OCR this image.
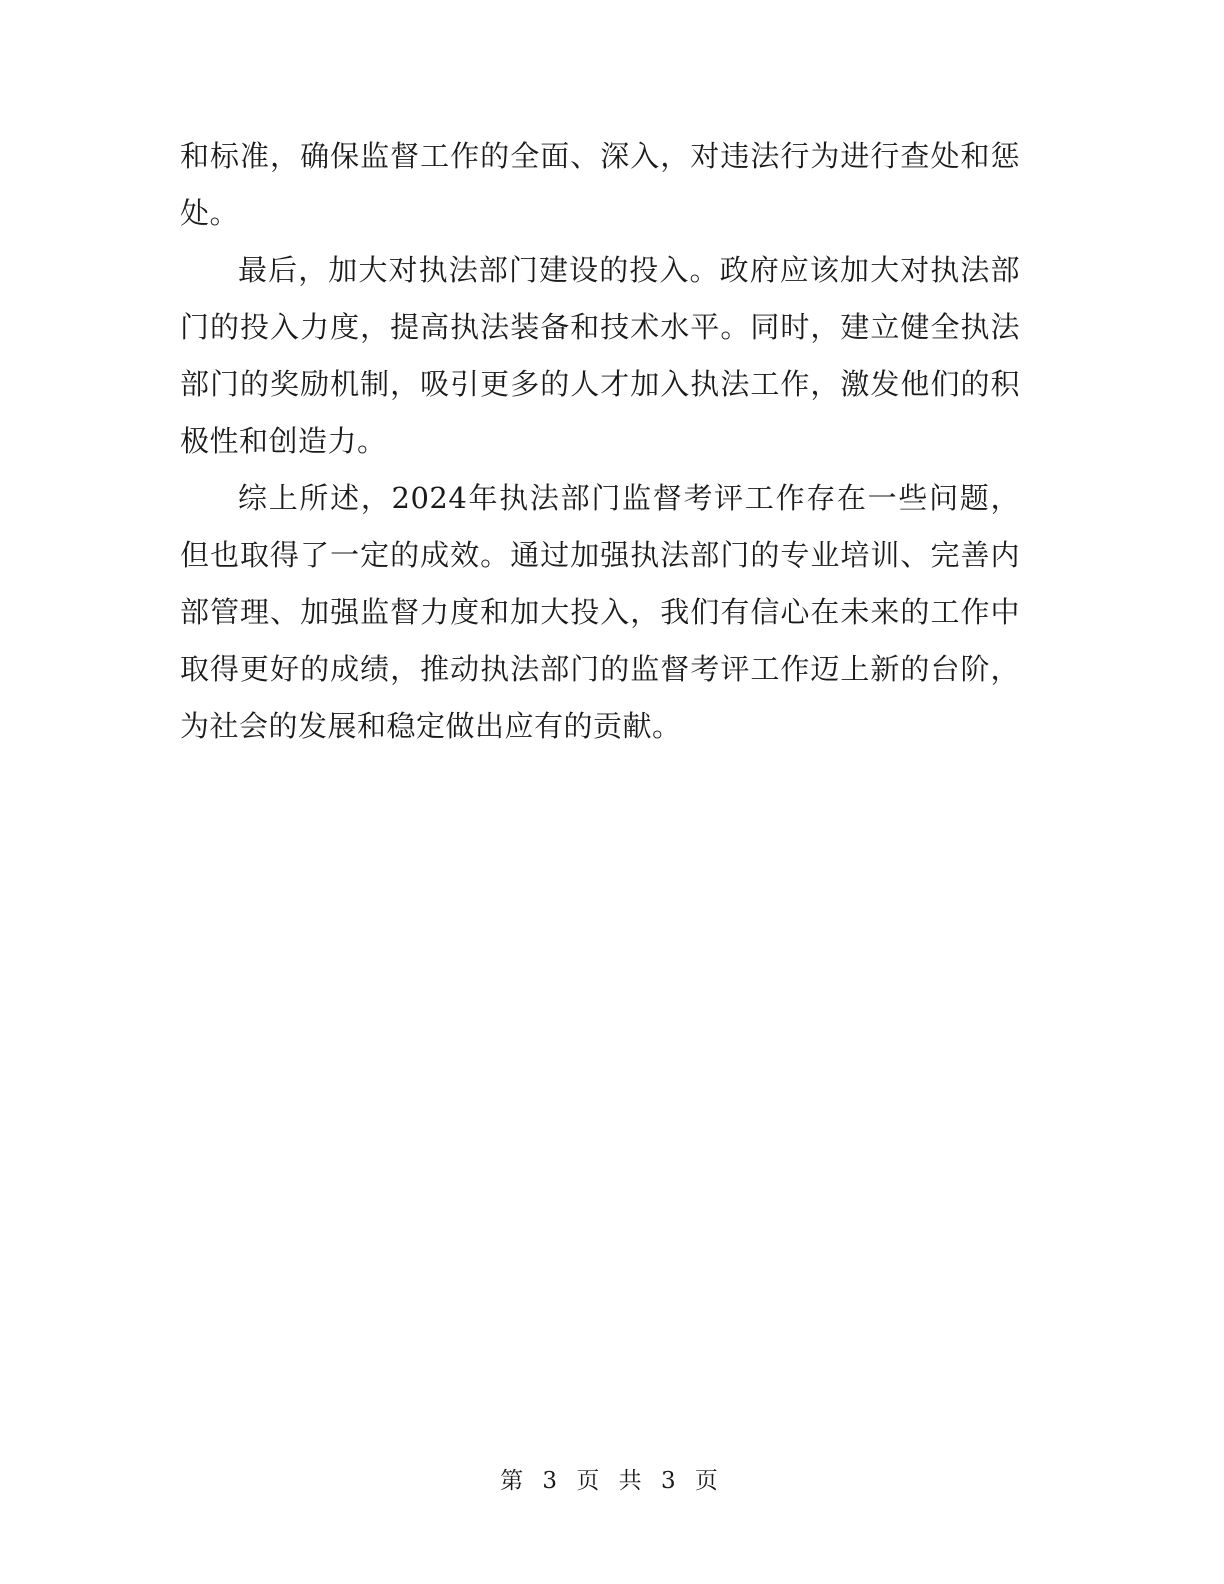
和标准，确保监督工作的全面、深入，对违法行为进行查处和惩处。

最后，加大对执法部门建设的投入。政府应该加大对执法部门的投入力度，提高执法装备和技术水平。同时，建立健全执法部门的奖励机制，吸引更多的人才加入执法工作，激发他们的积极性和创造力。

综上所述，2024年执法部门监督考评工作存在一些问题，但也取得了一定的成效。通过加强执法部门的专业培训、完善内部管理、加强监督力度和加大投入，我们有信心在未来的工作中取得更好的成绩，推动执法部门的监督考评工作迈上新的台阶，为社会的发展和稳定做出应有的贡献。

第 3 页 共 3 页
